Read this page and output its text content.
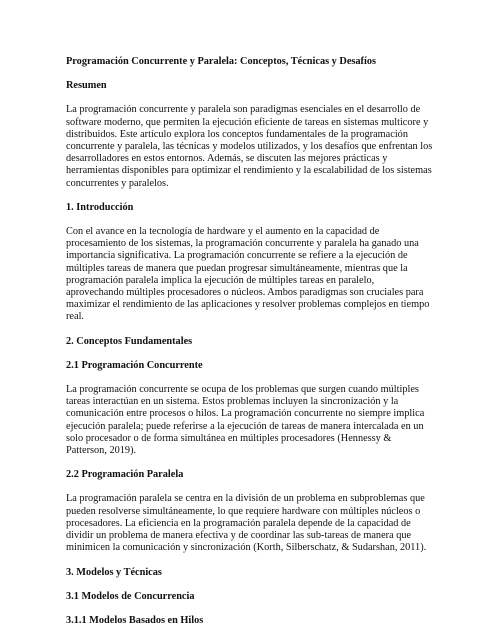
Programación Concurrente y Paralela: Conceptos, Técnicas y Desafíos

Resumen

La programación concurrente y paralela son paradigmas esenciales en el desarrollo de software moderno, que permiten la ejecución eficiente de tareas en sistemas multicore y distribuidos. Este artículo explora los conceptos fundamentales de la programación concurrente y paralela, las técnicas y modelos utilizados, y los desafíos que enfrentan los desarrolladores en estos entornos. Además, se discuten las mejores prácticas y herramientas disponibles para optimizar el rendimiento y la escalabilidad de los sistemas concurrentes y paralelos.

1. Introducción

Con el avance en la tecnología de hardware y el aumento en la capacidad de procesamiento de los sistemas, la programación concurrente y paralela ha ganado una importancia significativa. La programación concurrente se refiere a la ejecución de múltiples tareas de manera que puedan progresar simultáneamente, mientras que la programación paralela implica la ejecución de múltiples tareas en paralelo, aprovechando múltiples procesadores o núcleos. Ambos paradigmas son cruciales para maximizar el rendimiento de las aplicaciones y resolver problemas complejos en tiempo real.

2. Conceptos Fundamentales

2.1 Programación Concurrente

La programación concurrente se ocupa de los problemas que surgen cuando múltiples tareas interactúan en un sistema. Estos problemas incluyen la sincronización y la comunicación entre procesos o hilos. La programación concurrente no siempre implica ejecución paralela; puede referirse a la ejecución de tareas de manera intercalada en un solo procesador o de forma simultánea en múltiples procesadores (Hennessy & Patterson, 2019).

2.2 Programación Paralela

La programación paralela se centra en la división de un problema en subproblemas que pueden resolverse simultáneamente, lo que requiere hardware con múltiples núcleos o procesadores. La eficiencia en la programación paralela depende de la capacidad de dividir un problema de manera efectiva y de coordinar las sub-tareas de manera que minimicen la comunicación y sincronización (Korth, Silberschatz, & Sudarshan, 2011).

3. Modelos y Técnicas

3.1 Modelos de Concurrencia

3.1.1 Modelos Basados en Hilos
